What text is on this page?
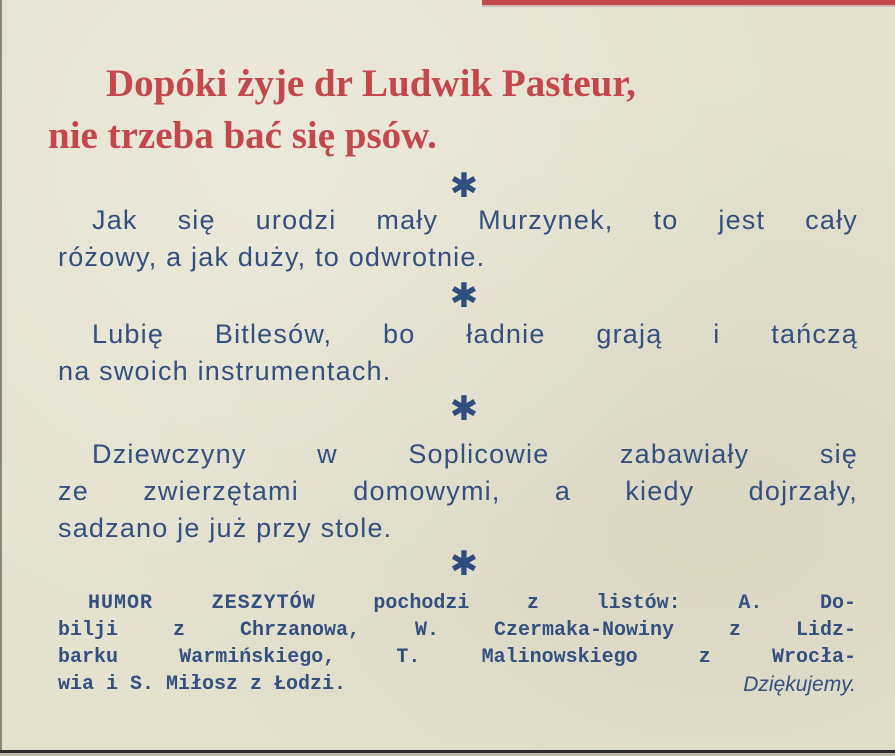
Dopóki żyje dr Ludwik Pasteur,
nie trzeba bać się psów.
✱

Jak się urodzi mały Murzynek, to jest cały
różowy, a jak duży, to odwrotnie.

✱

Lubię Bitlesów, bo ładnie grają i tańczą
na swoich instrumentach.

✱

Dziewczyny w Soplicowie zabawiały się
ze zwierzętami domowymi, a kiedy dojrzały,
sadzano je już przy stole.

✱

HUMOR ZESZYTÓW	pochodzi z listów: A. Do-
bilji z Chrzanowa, W. Czermaka-Nowiny z Lidz-
barku Warmińskiego, T. Malinowskiego z Wrocła-
wia i S. Miłosz z Łodzi.	Dziękujemy.
